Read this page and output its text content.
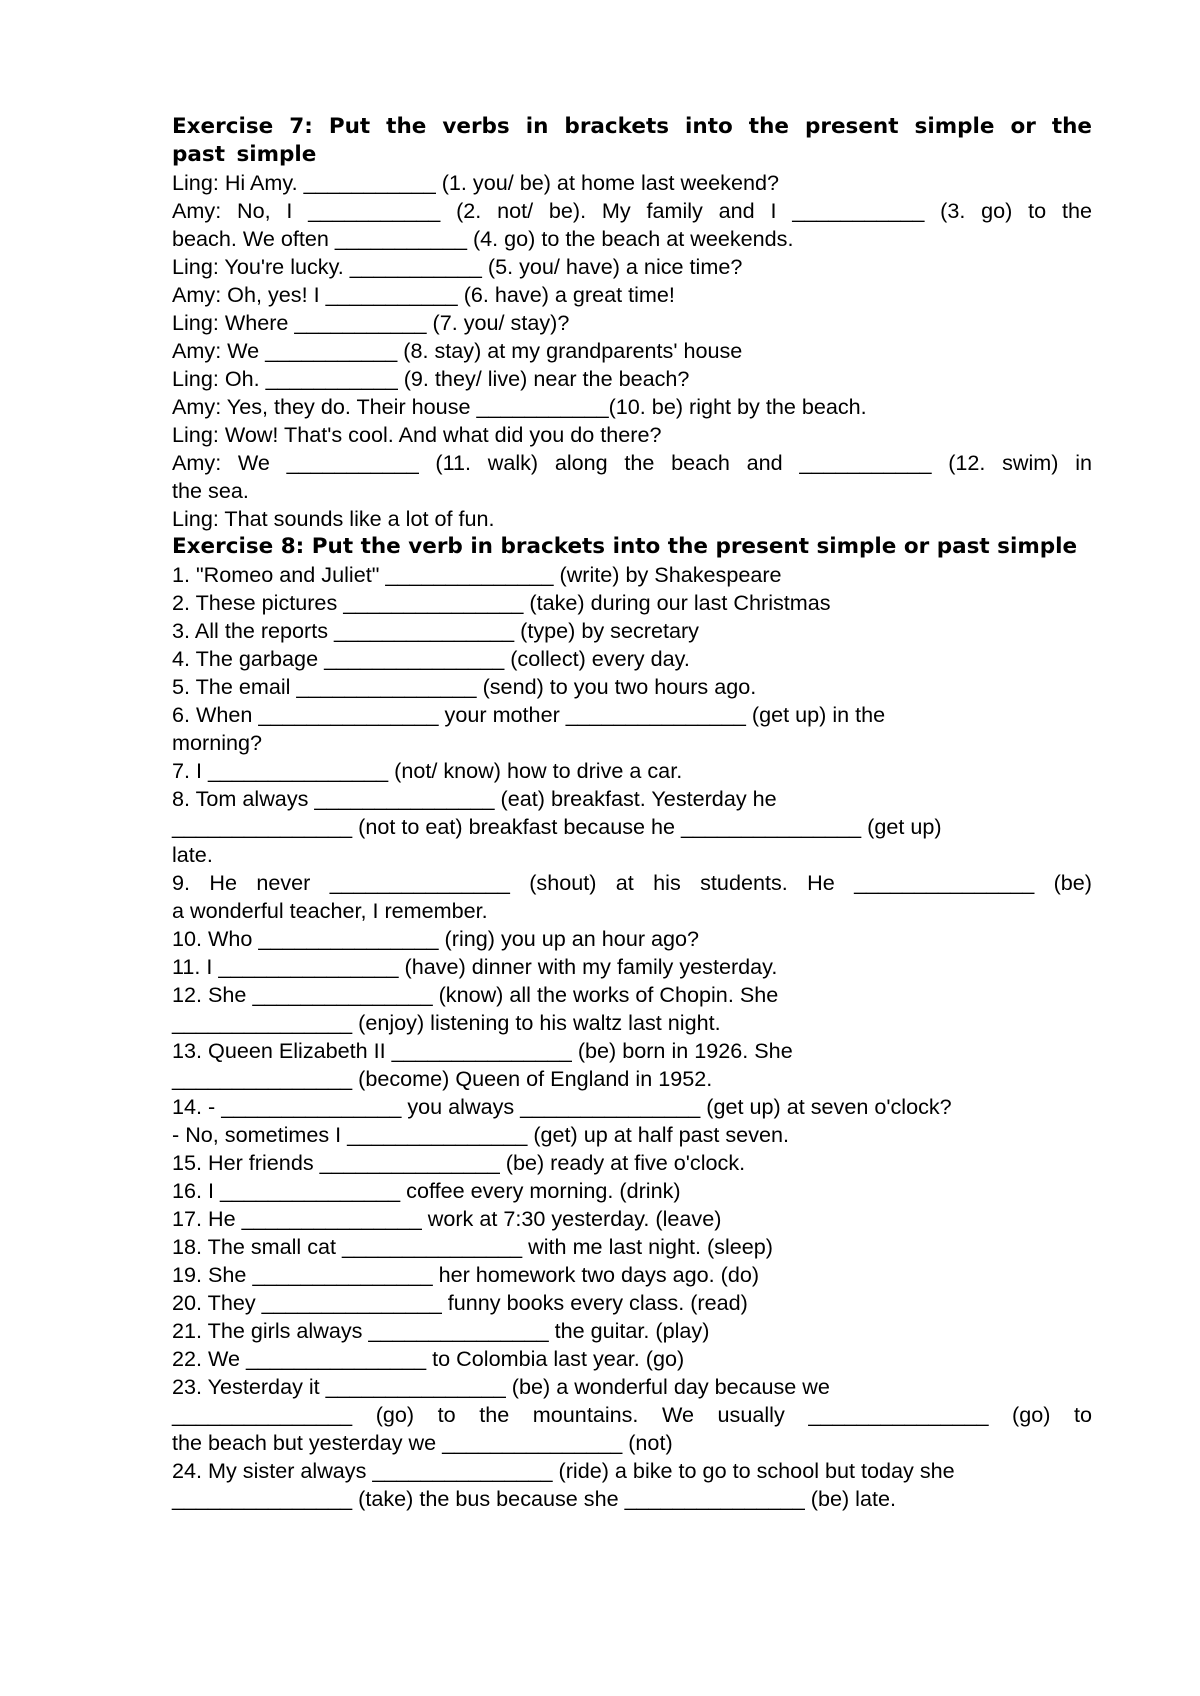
Exercise 7: Put the verbs in brackets into the present simple or the past simple
Ling: Hi Amy. ___________ (1. you/ be) at home last weekend?
Amy: No, I ___________ (2. not/ be). My family and I ___________ (3. go) to the
beach. We often ___________ (4. go) to the beach at weekends.
Ling: You're lucky. ___________ (5. you/ have) a nice time?
Amy: Oh, yes! I ___________ (6. have) a great time!
Ling: Where ___________ (7. you/ stay)?
Amy: We ___________ (8. stay) at my grandparents' house
Ling: Oh. ___________ (9. they/ live) near the beach?
Amy: Yes, they do. Their house ___________(10. be) right by the beach.
Ling: Wow! That's cool. And what did you do there?
Amy: We ___________ (11. walk) along the beach and ___________ (12. swim) in
the sea.
Ling: That sounds like a lot of fun.
Exercise 8: Put the verb in brackets into the present simple or past simple
1. "Romeo and Juliet" ______________ (write) by Shakespeare
2. These pictures _______________ (take) during our last Christmas
3. All the reports _______________ (type) by secretary
4. The garbage _______________ (collect) every day.
5. The email _______________ (send) to you two hours ago.
6. When _______________ your mother _______________ (get up) in the
morning?
7. I _______________ (not/ know) how to drive a car.
8. Tom always _______________ (eat) breakfast. Yesterday he
_______________ (not to eat) breakfast because he _______________ (get up)
late.
9. He never _______________ (shout) at his students. He _______________ (be)
a wonderful teacher, I remember.
10. Who _______________ (ring) you up an hour ago?
11. I _______________ (have) dinner with my family yesterday.
12. She _______________ (know) all the works of Chopin. She
_______________ (enjoy) listening to his waltz last night.
13. Queen Elizabeth II _______________ (be) born in 1926. She
_______________ (become) Queen of England in 1952.
14. - _______________ you always _______________ (get up) at seven o'clock?
- No, sometimes I _______________ (get) up at half past seven.
15. Her friends _______________ (be) ready at five o'clock.
16. I _______________ coffee every morning. (drink)
17. He _______________ work at 7:30 yesterday. (leave)
18. The small cat _______________ with me last night. (sleep)
19. She _______________ her homework two days ago. (do)
20. They _______________ funny books every class. (read)
21. The girls always _______________ the guitar. (play)
22. We _______________ to Colombia last year. (go)
23. Yesterday it _______________ (be) a wonderful day because we
_______________ (go) to the mountains. We usually _______________ (go) to
the beach but yesterday we _______________ (not)
24. My sister always _______________ (ride) a bike to go to school but today she
_______________ (take) the bus because she _______________ (be) late.
